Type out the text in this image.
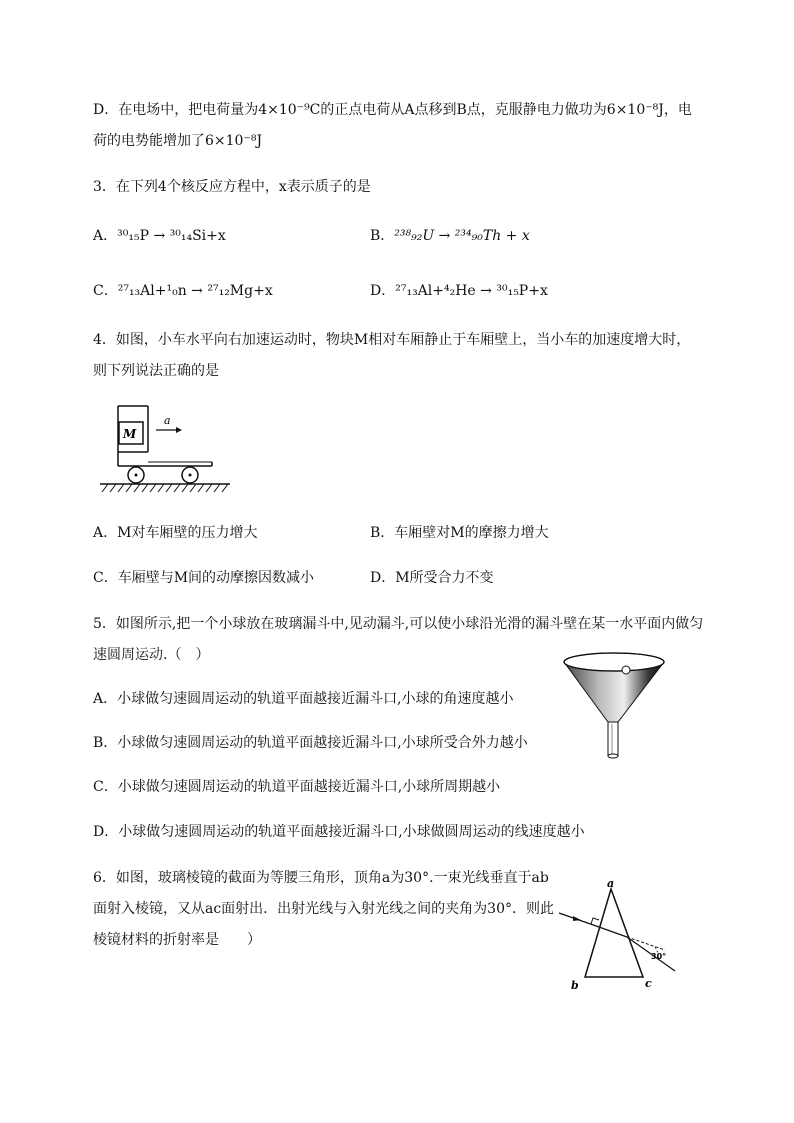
D．在电场中，把电荷量为4×10⁻⁹C的正点电荷从A点移到B点，克服静电力做功为6×10⁻⁸J，电
荷的电势能增加了6×10⁻⁸J
3．在下列4个核反应方程中，x表示质子的是
A．³⁰₁₅P → ³⁰₁₄Si+x	B．²³⁸₉₂U → ²³⁴₉₀Th + x
C．²⁷₁₃Al+¹₀n → ²⁷₁₂Mg+x	D．²⁷₁₃Al+⁴₂He → ³⁰₁₅P+x
4．如图，小车水平向右加速运动时，物块M相对车厢静止于车厢壁上，当小车的加速度增大时，
则下列说法正确的是
M
a
A．M对车厢壁的压力增大	B．车厢壁对M的摩擦力增大
C．车厢壁与M间的动摩擦因数减小	D．M所受合力不变
5．如图所示,把一个小球放在玻璃漏斗中,见动漏斗,可以使小球沿光滑的漏斗壁在某一水平面内做匀
速圆周运动.（　）
A．小球做匀速圆周运动的轨道平面越接近漏斗口,小球的角速度越小
B．小球做匀速圆周运动的轨道平面越接近漏斗口,小球所受合外力越小
C．小球做匀速圆周运动的轨道平面越接近漏斗口,小球所周期越小
D．小球做匀速圆周运动的轨道平面越接近漏斗口,小球做圆周运动的线速度越小
6．如图，玻璃棱镜的截面为等腰三角形，顶角a为30°.一束光线垂直于ab
面射入棱镜，又从ac面射出．出射光线与入射光线之间的夹角为30°．则此
棱镜材料的折射率是　　）
30°
a
b	c
